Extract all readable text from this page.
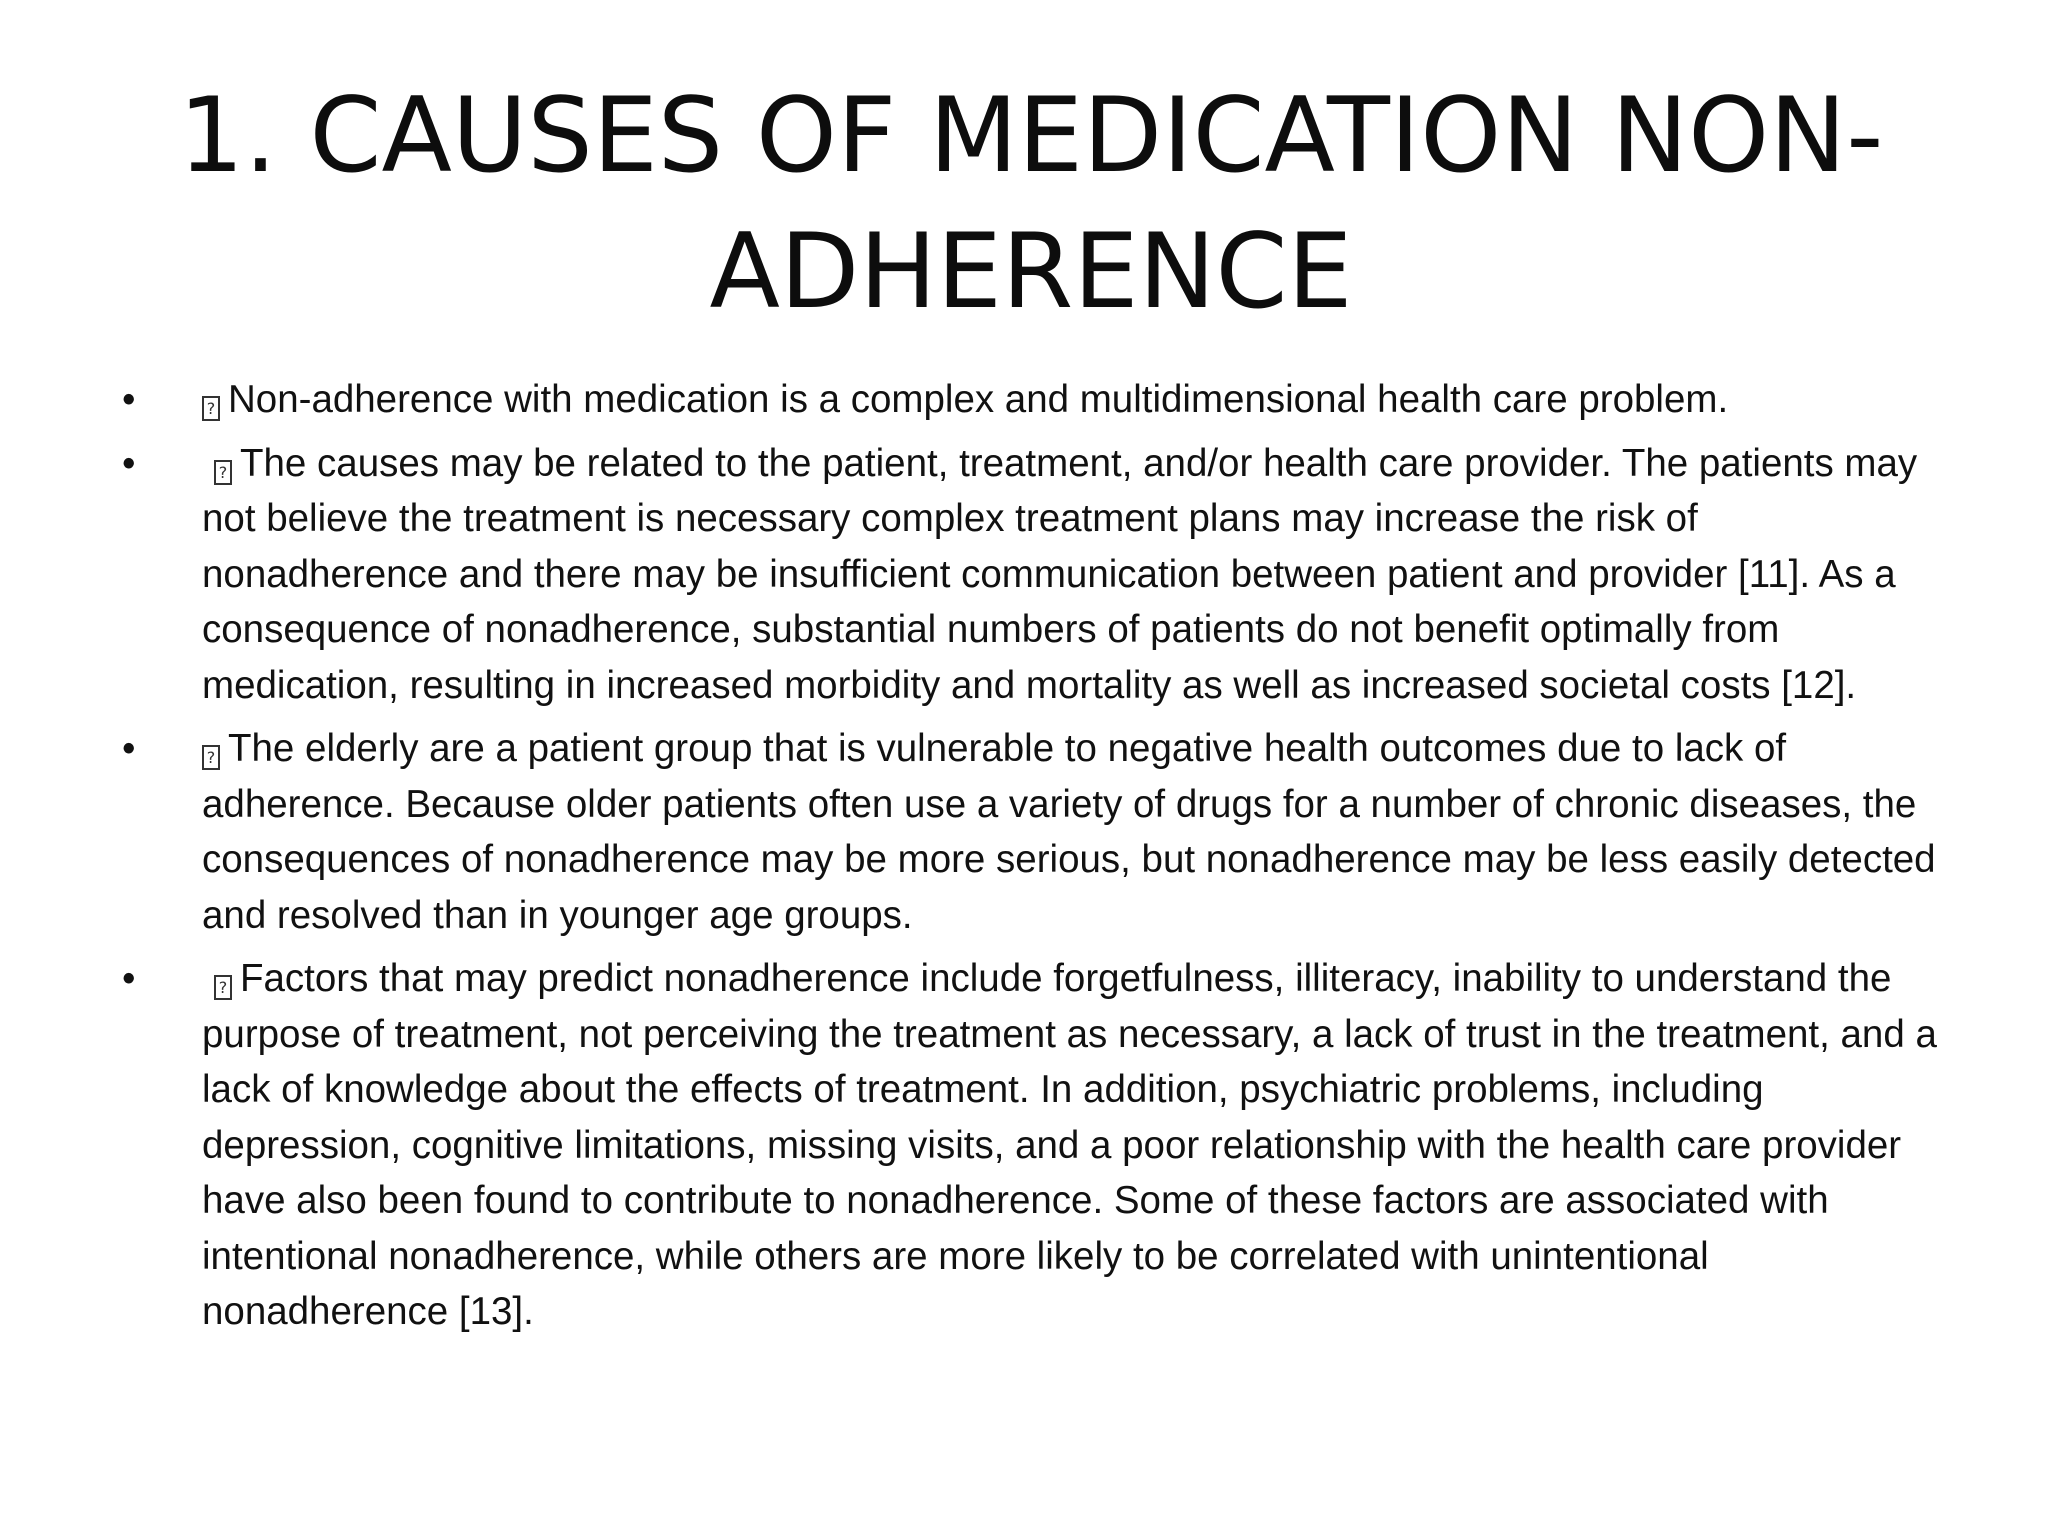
1. CAUSES OF MEDICATION NON-
ADHERENCE
• ?	Non-adherence with medication is a complex and multidimensional health care problem.
• ?	The causes may be related to the patient, treatment, and/or health care provider. The patients may not believe the treatment is necessary complex treatment plans may increase the risk of nonadherence and there may be insufficient communication between patient and provider [11]. As a consequence of nonadherence, substantial numbers of patients do not benefit optimally from medication, resulting in increased morbidity and mortality as well as increased societal costs [12].
• ?	The elderly are a patient group that is vulnerable to negative health outcomes due to lack of adherence. Because older patients often use a variety of drugs for a number of chronic diseases, the consequences of nonadherence may be more serious, but nonadherence may be less easily detected and resolved than in younger age groups.
• ?	Factors that may predict nonadherence include forgetfulness, illiteracy, inability to understand the purpose of treatment, not perceiving the treatment as necessary, a lack of trust in the treatment, and a lack of knowledge about the effects of treatment. In addition, psychiatric problems, including depression, cognitive limitations, missing visits, and a poor relationship with the health care provider have also been found to contribute to nonadherence. Some of these factors are associated with intentional nonadherence, while others are more likely to be correlated with unintentional nonadherence [13].
